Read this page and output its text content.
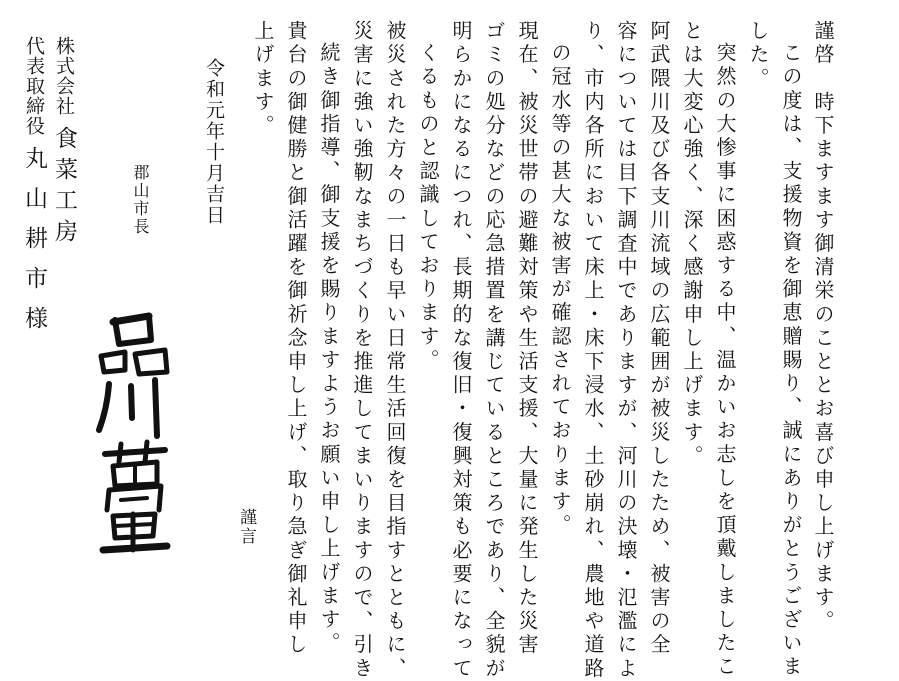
謹啓　時下ますます御清栄のこととお喜び申し上げます。
この度は、支援物資を御恵贈賜り、誠にありがとうございま
した。
突然の大惨事に困惑する中、温かいお志しを頂戴しましたこ
とは大変心強く、深く感謝申し上げます。
阿武隈川及び各支川流域の広範囲が被災したため、被害の全
容については目下調査中でありますが、河川の決壊・氾濫によ
り、市内各所において床上・床下浸水、土砂崩れ、農地や道路
の冠水等の甚大な被害が確認されております。
現在、被災世帯の避難対策や生活支援、大量に発生した災害
ゴミの処分などの応急措置を講じているところであり、全貌が
明らかになるにつれ、長期的な復旧・復興対策も必要になって
くるものと認識しております。
被災された方々の一日も早い日常生活回復を目指すとともに、
災害に強い強靭なまちづくりを推進してまいりますので、引き
続き御指導、御支援を賜りますようお願い申し上げます。
貴台の御健勝と御活躍を御祈念申し上げ、取り急ぎ御礼申し
上げます。
謹言
令和元年十月吉日
郡山市長
株式会社食菜工房
代表取締役丸山耕市様
